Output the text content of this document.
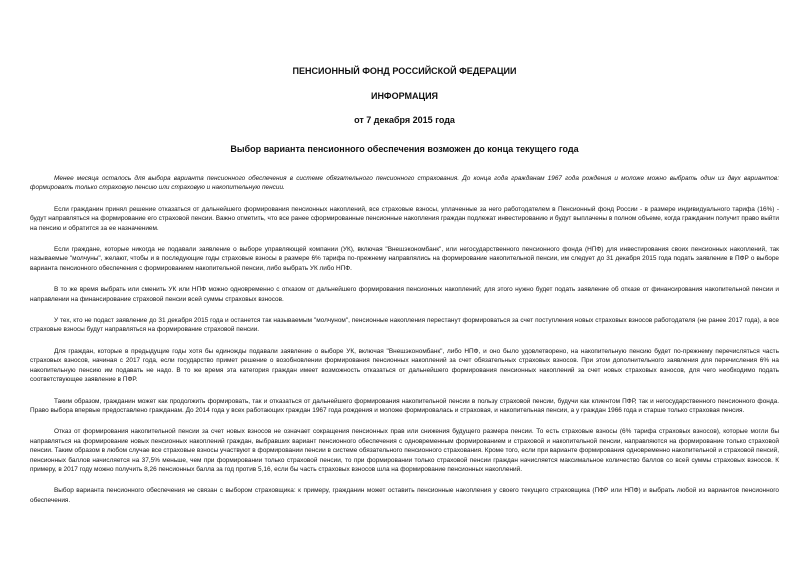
ПЕНСИОННЫЙ ФОНД РОССИЙСКОЙ ФЕДЕРАЦИИ
ИНФОРМАЦИЯ
от 7 декабря 2015 года
Выбор варианта пенсионного обеспечения возможен до конца текущего года

Менее месяца осталось для выбора варианта пенсионного обеспечения в системе обязательного пенсионного страхования. До конца года гражданам 1967 года рождения и моложе можно выбрать один из двух вариантов: формировать только страховую пенсию или страховую и накопительную пенсии.

Если гражданин принял решение отказаться от дальнейшего формирования пенсионных накоплений, все страховые взносы, уплаченные за него работодателем в Пенсионный фонд России - в размере индивидуального тарифа (16%) - будут направляться на формирование его страховой пенсии. Важно отметить, что все ранее сформированные пенсионные накопления граждан подлежат инвестированию и будут выплачены в полном объеме, когда гражданин получит право выйти на пенсию и обратится за ее назначением.

Если граждане, которые никогда не подавали заявление о выборе управляющей компании (УК), включая "Внешэкономбанк", или негосударственного пенсионного фонда (НПФ) для инвестирования своих пенсионных накоплений, так называемые "молчуны", желают, чтобы и в последующие годы страховые взносы в размере 6% тарифа по-прежнему направлялись на формирование накопительной пенсии, им следует до 31 декабря 2015 года подать заявление в ПФР о выборе варианта пенсионного обеспечения с формированием накопительной пенсии, либо выбрать УК либо НПФ.

В то же время выбрать или сменить УК или НПФ можно одновременно с отказом от дальнейшего формирования пенсионных накоплений; для этого нужно будет подать заявление об отказе от финансирования накопительной пенсии и направлении на финансирование страховой пенсии всей суммы страховых взносов.

У тех, кто не подаст заявление до 31 декабря 2015 года и останется так называемым "молчуном", пенсионные накопления перестанут формироваться за счет поступления новых страховых взносов работодателя (не ранее 2017 года), а все страховые взносы будут направляться на формирование страховой пенсии.

Для граждан, которые в предыдущие годы хотя бы единожды подавали заявление о выборе УК, включая "Внешэкономбанк", либо НПФ, и оно было удовлетворено, на накопительную пенсию будет по-прежнему перечисляться часть страховых взносов, начиная с 2017 года, если государство примет решение о возобновлении формирования пенсионных накоплений за счет обязательных страховых взносов. При этом дополнительного заявления для перечисления 6% на накопительную пенсию им подавать не надо. В то же время эта категория граждан имеет возможность отказаться от дальнейшего формирования пенсионных накоплений за счет новых страховых взносов, для чего необходимо подать соответствующее заявление в ПФР.

Таким образом, гражданин может как продолжить формировать, так и отказаться от дальнейшего формирования накопительной пенсии в пользу страховой пенсии, будучи как клиентом ПФР, так и негосударственного пенсионного фонда. Право выбора впервые предоставлено гражданам. До 2014 года у всех работающих граждан 1967 года рождения и моложе формировалась и страховая, и накопительная пенсии, а у граждан 1966 года и старше только страховая пенсия.

Отказ от формирования накопительной пенсии за счет новых взносов не означает сокращения пенсионных прав или снижения будущего размера пенсии. То есть страховые взносы (6% тарифа страховых взносов), которые могли бы направляться на формирование новых пенсионных накоплений граждан, выбравших вариант пенсионного обеспечения с одновременным формированием и страховой и накопительной пенсии, направляются на формирование только страховой пенсии. Таким образом в любом случае все страховые взносы участвуют в формировании пенсии в системе обязательного пенсионного страхования. Кроме того, если при варианте формирования одновременно накопительной и страховой пенсий, пенсионных баллов начисляется на 37,5% меньше, чем при формировании только страховой пенсии, то при формировании только страховой пенсии граждан начисляется максимальное количество баллов со всей суммы страховых взносов. К примеру, в 2017 году можно получить 8,26 пенсионных балла за год против 5,16, если бы часть страховых взносов шла на формирование пенсионных накоплений.

Выбор варианта пенсионного обеспечения не связан с выбором страховщика: к примеру, гражданин может оставить пенсионные накопления у своего текущего страховщика (ПФР или НПФ) и выбрать любой из вариантов пенсионного обеспечения.
